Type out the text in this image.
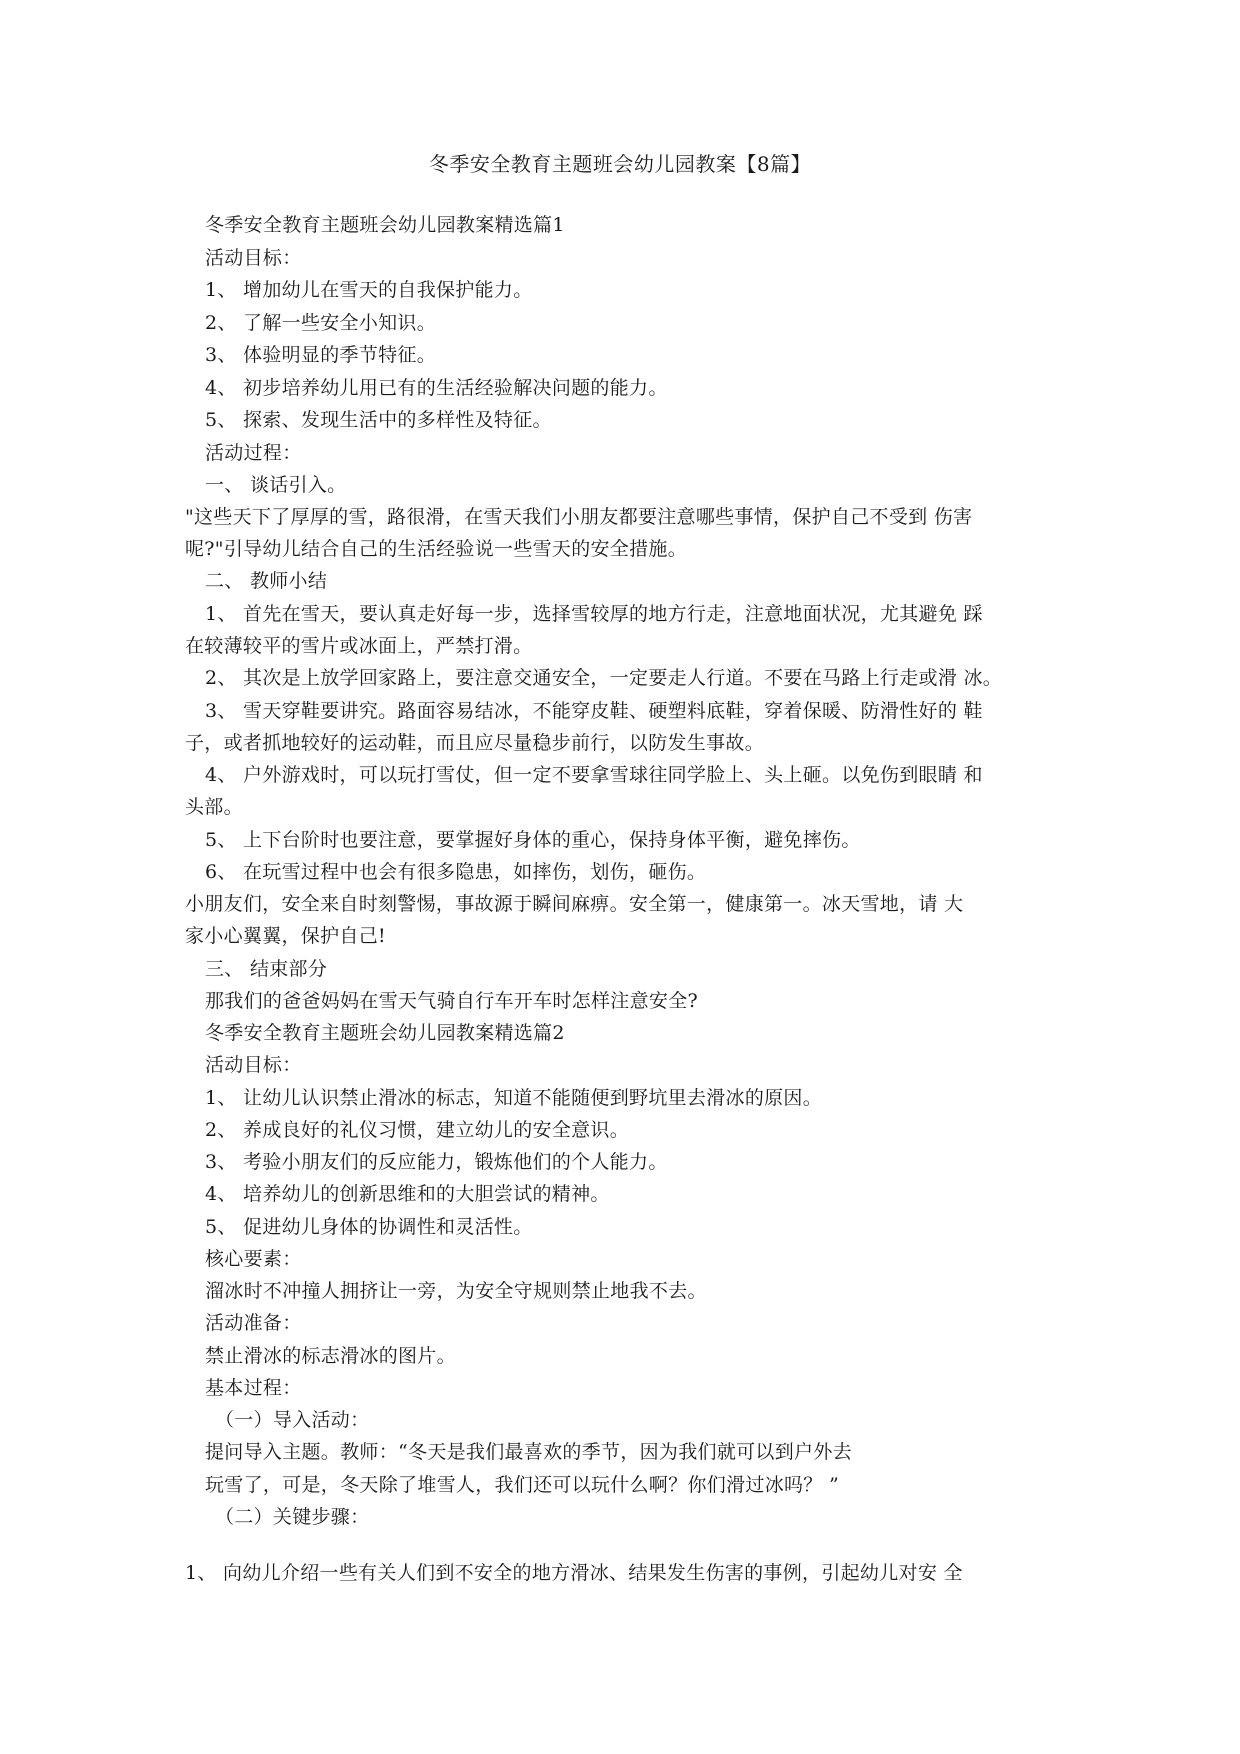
冬季安全教育主题班会幼儿园教案【8篇】
冬季安全教育主题班会幼儿园教案精选篇1
活动目标：
1、 增加幼儿在雪天的自我保护能力。
2、 了解一些安全小知识。
3、 体验明显的季节特征。
4、 初步培养幼儿用已有的生活经验解决问题的能力。
5、 探索、发现生活中的多样性及特征。
活动过程：
一、 谈话引入。
"这些天下了厚厚的雪，路很滑，在雪天我们小朋友都要注意哪些事情，保护自己不受到 伤害
呢?"引导幼儿结合自己的生活经验说一些雪天的安全措施。
二、 教师小结
1、 首先在雪天，要认真走好每一步，选择雪较厚的地方行走，注意地面状况，尤其避免 踩
在较薄较平的雪片或冰面上，严禁打滑。
2、 其次是上放学回家路上，要注意交通安全，一定要走人行道。不要在马路上行走或滑 冰。
3、 雪天穿鞋要讲究。路面容易结冰，不能穿皮鞋、硬塑料底鞋，穿着保暖、防滑性好的 鞋
子，或者抓地较好的运动鞋，而且应尽量稳步前行，以防发生事故。
4、 户外游戏时，可以玩打雪仗，但一定不要拿雪球往同学脸上、头上砸。以免伤到眼睛 和
头部。
5、 上下台阶时也要注意，要掌握好身体的重心，保持身体平衡，避免摔伤。
6、 在玩雪过程中也会有很多隐患，如摔伤，划伤，砸伤。
小朋友们，安全来自时刻警惕，事故源于瞬间麻痹。安全第一，健康第一。冰天雪地，请 大
家小心翼翼，保护自己!
三、 结束部分
那我们的爸爸妈妈在雪天气骑自行车开车时怎样注意安全?
冬季安全教育主题班会幼儿园教案精选篇2
活动目标：
1、 让幼儿认识禁止滑冰的标志，知道不能随便到野坑里去滑冰的原因。
2、 养成良好的礼仪习惯，建立幼儿的安全意识。
3、 考验小朋友们的反应能力，锻炼他们的个人能力。
4、 培养幼儿的创新思维和的大胆尝试的精神。
5、 促进幼儿身体的协调性和灵活性。
核心要素：
溜冰时不冲撞人拥挤让一旁，为安全守规则禁止地我不去。
活动准备：
禁止滑冰的标志滑冰的图片。
基本过程：
（一）导入活动：
提问导入主题。教师：“冬天是我们最喜欢的季节，因为我们就可以到户外去
玩雪了，可是，冬天除了堆雪人，我们还可以玩什么啊？你们滑过冰吗？ ”
（二）关键步骤：
1、 向幼儿介绍一些有关人们到不安全的地方滑冰、结果发生伤害的事例，引起幼儿对安 全
